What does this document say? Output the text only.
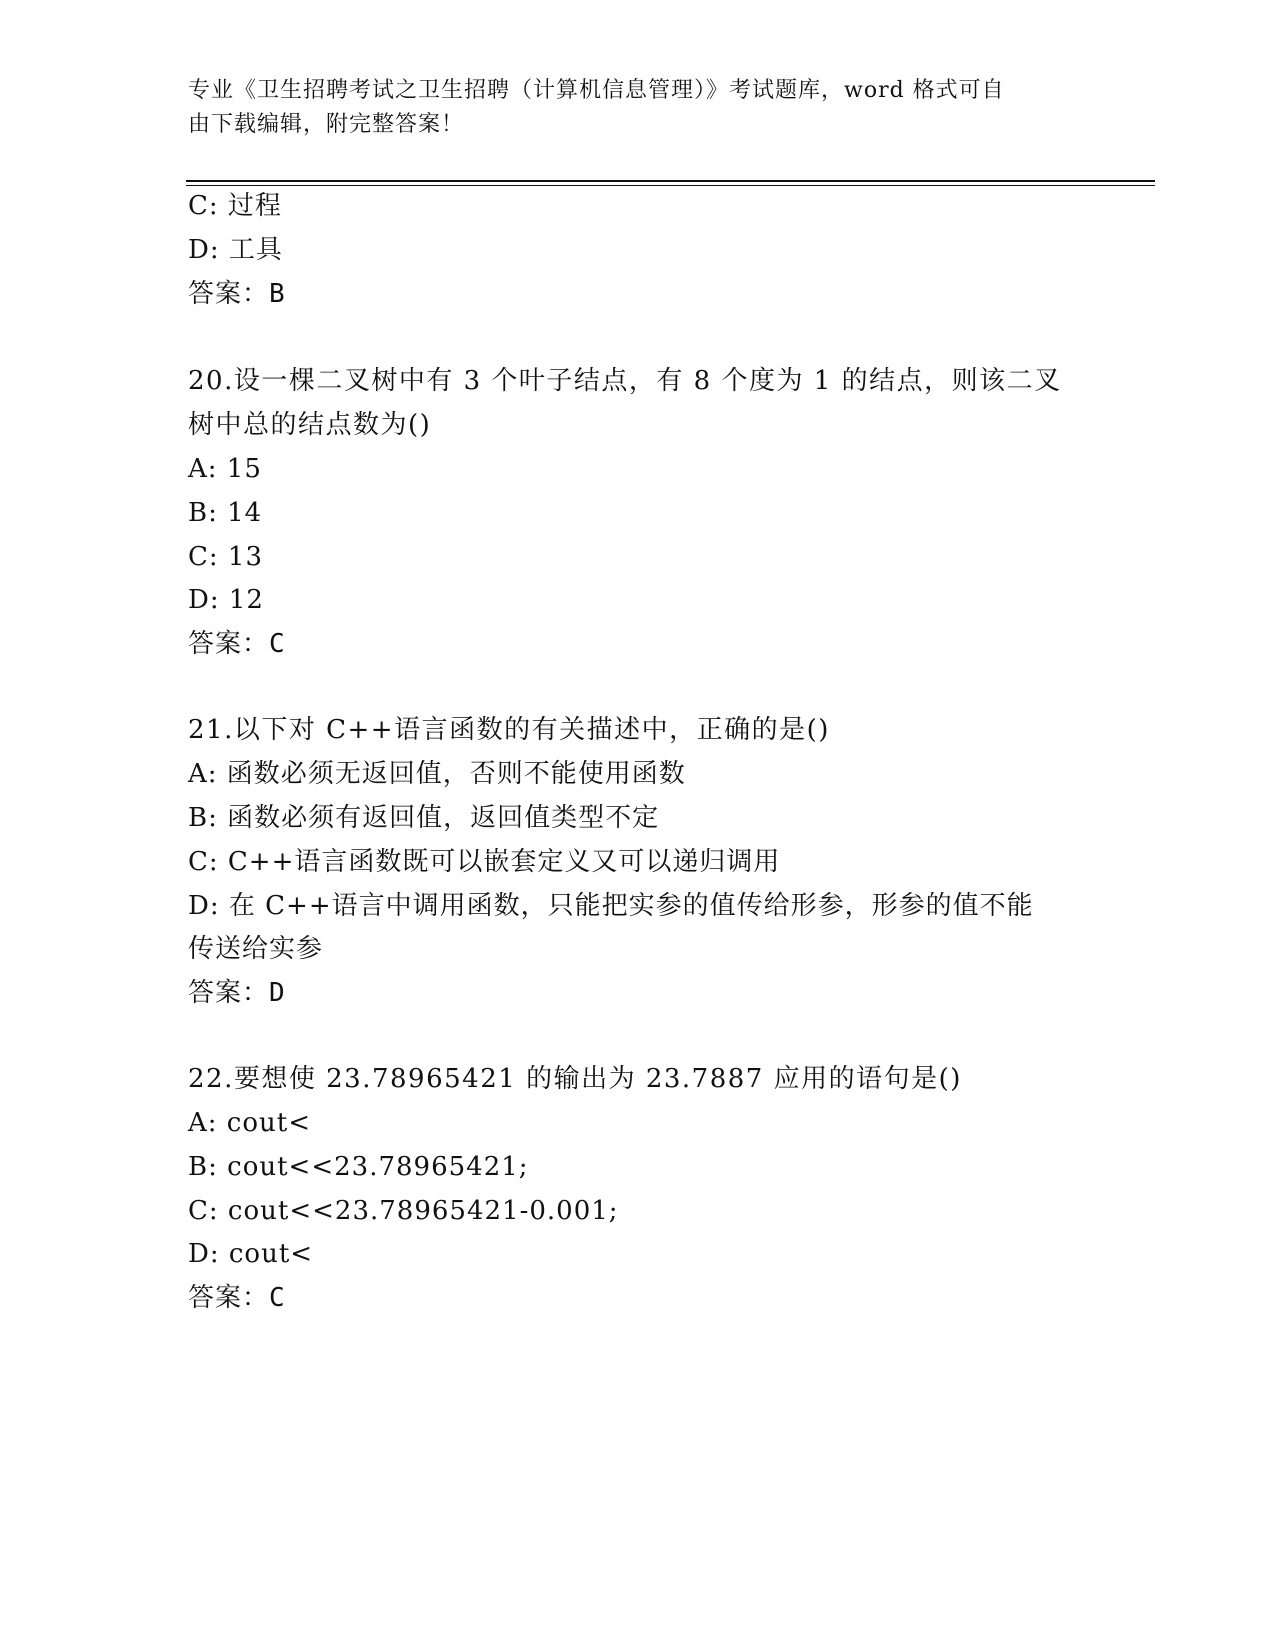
专业《卫生招聘考试之卫生招聘（计算机信息管理）》考试题库，word 格式可自
由下载编辑，附完整答案！
C: 过程
D: 工具
答案：B
20.设一棵二叉树中有 3 个叶子结点，有 8 个度为 1 的结点，则该二叉
树中总的结点数为()
A: 15
B: 14
C: 13
D: 12
答案：C
21.以下对 C++语言函数的有关描述中，正确的是()
A: 函数必须无返回值，否则不能使用函数
B: 函数必须有返回值，返回值类型不定
C: C++语言函数既可以嵌套定义又可以递归调用
D: 在 C++语言中调用函数，只能把实参的值传给形参，形参的值不能
传送给实参
答案：D
22.要想使 23.78965421 的输出为 23.7887 应用的语句是()
A: cout<
B: cout<<23.78965421;
C: cout<<23.78965421-0.001;
D: cout<
答案：C
